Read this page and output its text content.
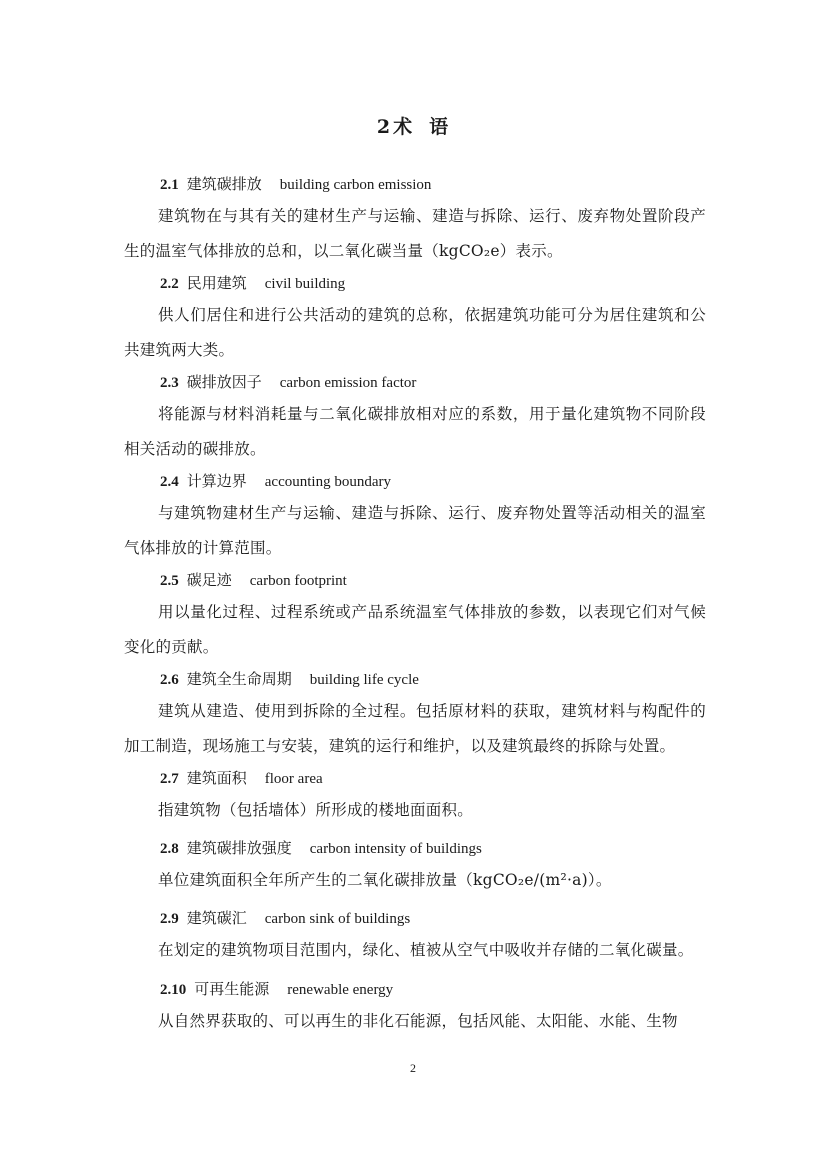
2 术 语
2.1 建筑碳排放 building carbon emission
建筑物在与其有关的建材生产与运输、建造与拆除、运行、废弃物处置阶段产生的温室气体排放的总和，以二氧化碳当量（kgCO₂e）表示。
2.2 民用建筑 civil building
供人们居住和进行公共活动的建筑的总称，依据建筑功能可分为居住建筑和公共建筑两大类。
2.3 碳排放因子 carbon emission factor
将能源与材料消耗量与二氧化碳排放相对应的系数，用于量化建筑物不同阶段相关活动的碳排放。
2.4 计算边界 accounting boundary
与建筑物建材生产与运输、建造与拆除、运行、废弃物处置等活动相关的温室气体排放的计算范围。
2.5 碳足迹 carbon footprint
用以量化过程、过程系统或产品系统温室气体排放的参数，以表现它们对气候变化的贡献。
2.6 建筑全生命周期 building life cycle
建筑从建造、使用到拆除的全过程。包括原材料的获取，建筑材料与构配件的加工制造，现场施工与安装，建筑的运行和维护，以及建筑最终的拆除与处置。
2.7 建筑面积 floor area
指建筑物（包括墙体）所形成的楼地面面积。
2.8 建筑碳排放强度 carbon intensity of buildings
单位建筑面积全年所产生的二氧化碳排放量（kgCO₂e/(m²·a)）。
2.9 建筑碳汇 carbon sink of buildings
在划定的建筑物项目范围内，绿化、植被从空气中吸收并存储的二氧化碳量。
2.10 可再生能源 renewable energy
从自然界获取的、可以再生的非化石能源，包括风能、太阳能、水能、生物
2
